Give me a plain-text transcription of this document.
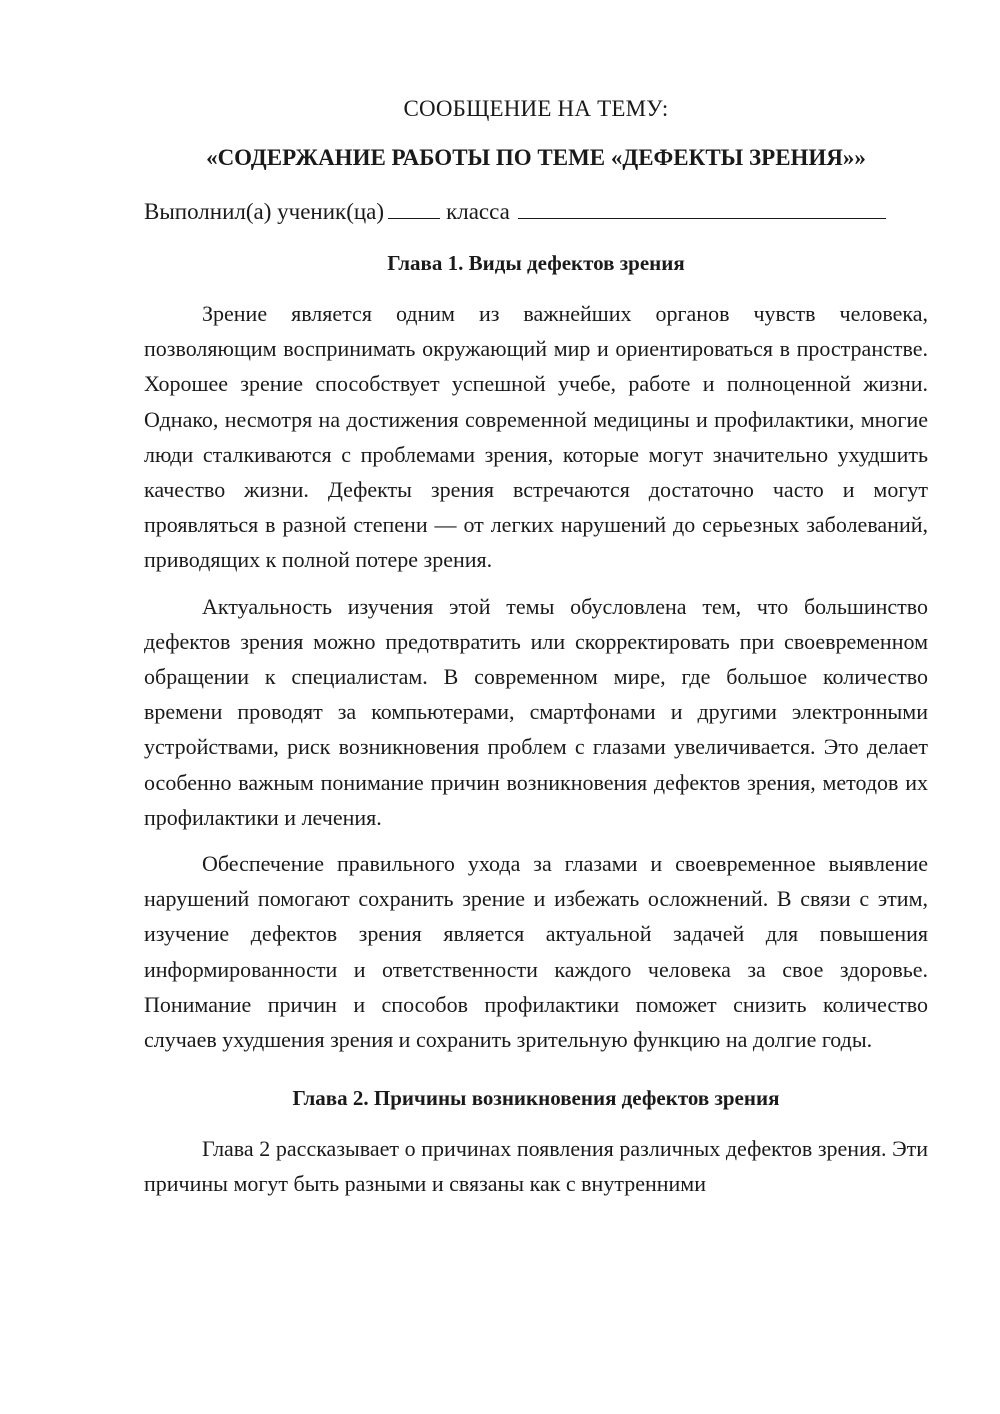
СООБЩЕНИЕ НА ТЕМУ:

«СОДЕРЖАНИЕ РАБОТЫ ПО ТЕМЕ «ДЕФЕКТЫ ЗРЕНИЯ»»

Выполнил(а) ученик(ца)	класса

Глава 1. Виды дефектов зрения

Зрение является одним из важнейших органов чувств человека, позволяющим воспринимать окружающий мир и ориентироваться в пространстве. Хорошее зрение способствует успешной учебе, работе и полноценной жизни. Однако, несмотря на достижения современной медицины и профилактики, многие люди сталкиваются с проблемами зрения, которые могут значительно ухудшить качество жизни. Дефекты зрения встречаются достаточно часто и могут проявляться в разной степени — от легких нарушений до серьезных заболеваний, приводящих к полной потере зрения.

Актуальность изучения этой темы обусловлена тем, что большинство дефектов зрения можно предотвратить или скорректировать при своевременном обращении к специалистам. В современном мире, где большое количество времени проводят за компьютерами, смартфонами и другими электронными устройствами, риск возникновения проблем с глазами увеличивается. Это делает особенно важным понимание причин возникновения дефектов зрения, методов их профилактики и лечения.

Обеспечение правильного ухода за глазами и своевременное выявление нарушений помогают сохранить зрение и избежать осложнений. В связи с этим, изучение дефектов зрения является актуальной задачей для повышения информированности и ответственности каждого человека за свое здоровье. Понимание причин и способов профилактики поможет снизить количество случаев ухудшения зрения и сохранить зрительную функцию на долгие годы.

Глава 2. Причины возникновения дефектов зрения

Глава 2 рассказывает о причинах появления различных дефектов зрения. Эти причины могут быть разными и связаны как с внутренними
